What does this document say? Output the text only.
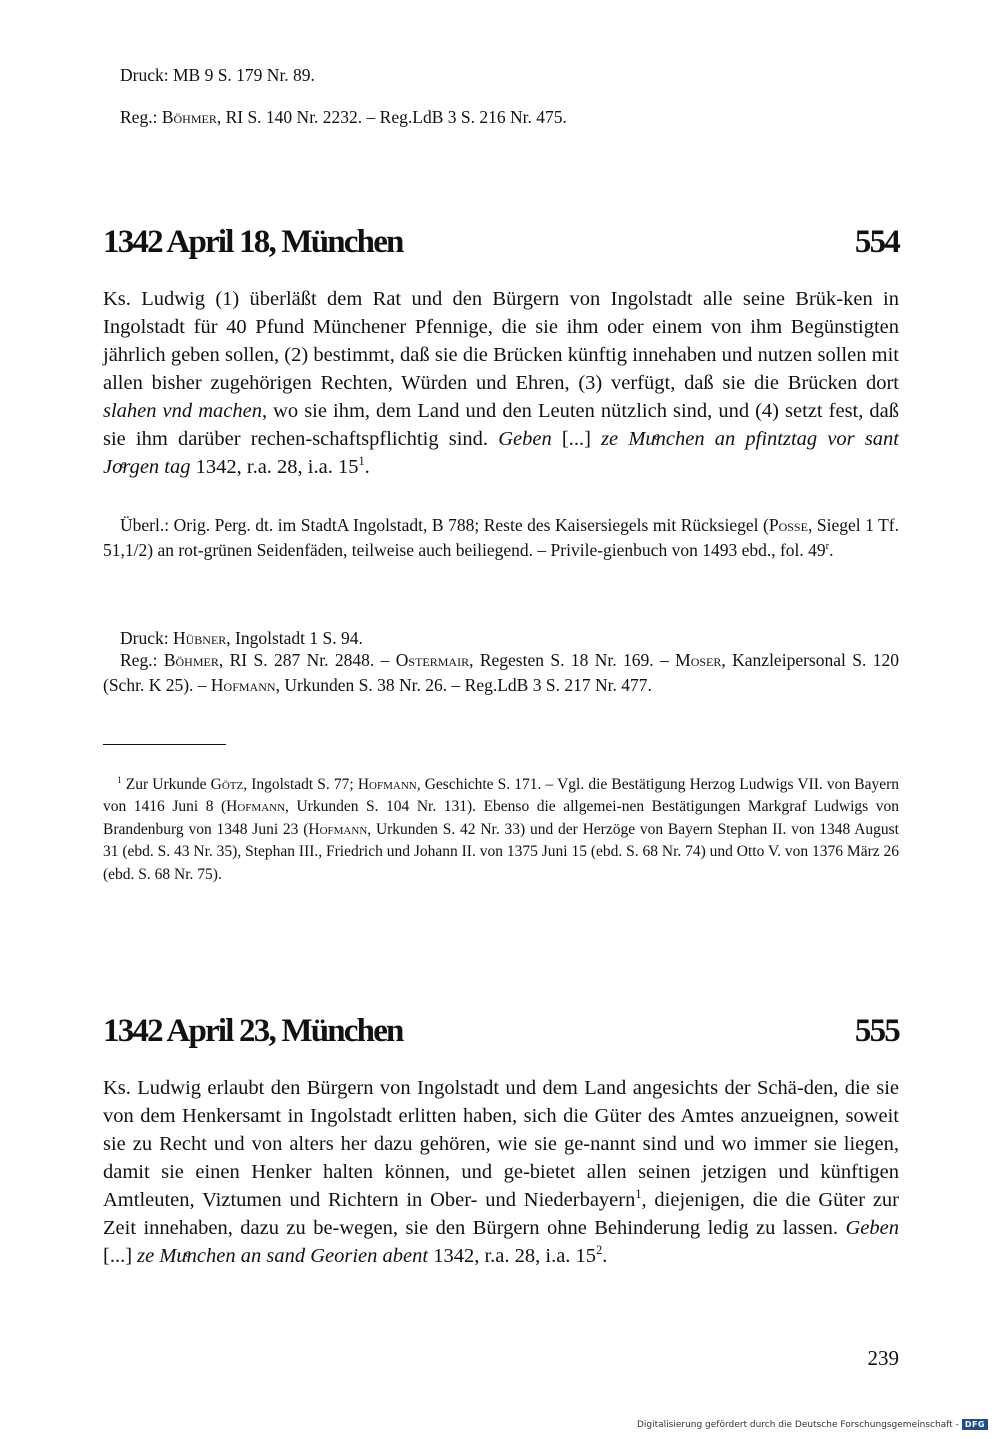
Druck: MB 9 S. 179 Nr. 89.

Reg.: Böhmer, RI S. 140 Nr. 2232. – Reg.LdB 3 S. 216 Nr. 475.

1342 April 18, München	554

Ks. Ludwig (1) überläßt dem Rat und den Bürgern von Ingolstadt alle seine Brük-ken in Ingolstadt für 40 Pfund Münchener Pfennige, die sie ihm oder einem von ihm Begünstigten jährlich geben sollen, (2) bestimmt, daß sie die Brücken künftig innehaben und nutzen sollen mit allen bisher zugehörigen Rechten, Würden und Ehren, (3) verfügt, daß sie die Brücken dort slahen vnd machen, wo sie ihm, dem Land und den Leuten nützlich sind, und (4) setzt fest, daß sie ihm darüber rechen-schaftspflichtig sind. Geben [...] ze Muͤnchen an pfintztag vor sant Joͤrgen tag 1342, r.a. 28, i.a. $15^1$.

Überl.: Orig. Perg. dt. im StadtA Ingolstadt, B 788; Reste des Kaisersiegels mit Rücksiegel (Posse, Siegel 1 Tf. 51,1/2) an rot-grünen Seidenfäden, teilweise auch beiliegend. – Privile-gienbuch von 1493 ebd., fol. 49$^r$.

Druck: Hübner, Ingolstadt 1 S. 94.

Reg.: Böhmer, RI S. 287 Nr. 2848. – Ostermair, Regesten S. 18 Nr. 169. – Moser, Kanzleipersonal S. 120 (Schr. K 25). – Hofmann, Urkunden S. 38 Nr. 26. – Reg.LdB 3 S. 217 Nr. 477.

$^1$ Zur Urkunde Götz, Ingolstadt S. 77; Hofmann, Geschichte S. 171. – Vgl. die Bestätigung Herzog Ludwigs VII. von Bayern von 1416 Juni 8 (Hofmann, Urkunden S. 104 Nr. 131). Ebenso die allgemei-nen Bestätigungen Markgraf Ludwigs von Brandenburg von 1348 Juni 23 (Hofmann, Urkunden S. 42 Nr. 33) und der Herzöge von Bayern Stephan II. von 1348 August 31 (ebd. S. 43 Nr. 35), Stephan III., Friedrich und Johann II. von 1375 Juni 15 (ebd. S. 68 Nr. 74) und Otto V. von 1376 März 26 (ebd. S. 68 Nr. 75).

1342 April 23, München	555

Ks. Ludwig erlaubt den Bürgern von Ingolstadt und dem Land angesichts der Schä-den, die sie von dem Henkersamt in Ingolstadt erlitten haben, sich die Güter des Amtes anzueignen, soweit sie zu Recht und von alters her dazu gehören, wie sie ge-nannt sind und wo immer sie liegen, damit sie einen Henker halten können, und ge-bietet allen seinen jetzigen und künftigen Amtleuten, Viztumen und Richtern in Ober- und Niederbayern$^1$, diejenigen, die die Güter zur Zeit innehaben, dazu zu be-wegen, sie den Bürgern ohne Behinderung ledig zu lassen. Geben [...] ze Muͤnchen an sand Georien abent 1342, r.a. 28, i.a. $15^2$.

239
Digitalisierung gefördert durch die Deutsche Forschungsgemeinschaft - DFG
